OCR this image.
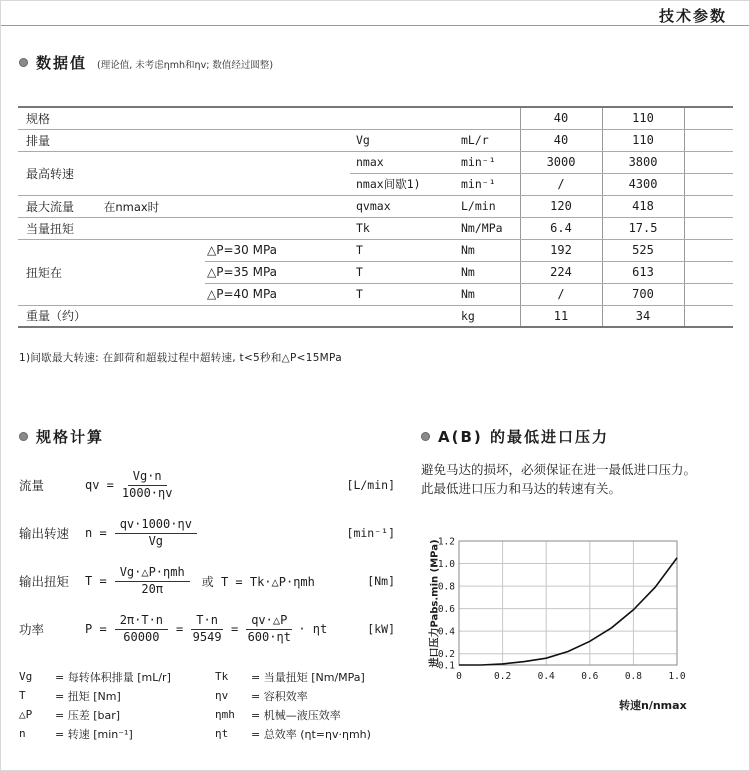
技术参数
数据值 (理论值, 未考虑ηmh和ηv; 数值经过圆整)
规格				40	110	
排量		Vg	mL/r	40	110	
最高转速		nmax	min⁻¹	3000	3800	
		nmax间歇1)	min⁻¹	/	4300	
最大流量 在nmax时		qvmax	L/min	120	418	
当量扭矩		Tk	Nm/MPa	6.4	17.5	
扭矩在	△P=30 MPa	T	Nm	192	525	
	△P=35 MPa	T	Nm	224	613	
	△P=40 MPa	T	Nm	/	700	
重量（约）			kg	11	34	
1)间歇最大转速: 在卸荷和超载过程中超转速, t<5秒和△P<15MPa
规格计算
流量	qv = $\frac{Vg\cdot n}{1000\cdot\eta v}$	[L/min]
输出转速	$n = \frac{qv\cdot 1000\cdot\eta v}{Vg}$	[min⁻¹]
输出扭矩	$T = \frac{\text{Vg·△P·ηmh}}{20\pi}$ 或 T = Tk·△P·ηmh	[Nm]
功率	$P = \frac{2\pi\cdot T\cdot n}{60000} = \frac{T\cdot n}{9549} = \frac{qv\cdot\triangle P}{600\cdot\eta t} \cdot \eta t$	[kW]
Vg	= 每转体积排量 [mL/r]	Tk	= 当量扭矩 [Nm/MPa]
T	= 扭矩 [Nm]	ηv	= 容积效率
△P	= 压差 [bar]	ηmh	= 机械—液压效率
n	= 转速 [min⁻¹]	ηt	= 总效率 (ηt=ηv·ηmh)
A(B) 的最低进口压力
避免马达的损坏，必须保证在进一最低进口压力。
此最低进口压力和马达的转速有关。
进口压力Pabs.min (MPa)
0.1
0.2
0.4
0.6
0.8
1.0
1.2
0	0.2	0.4	0.6	0.8	1.0
转速n/nmax
